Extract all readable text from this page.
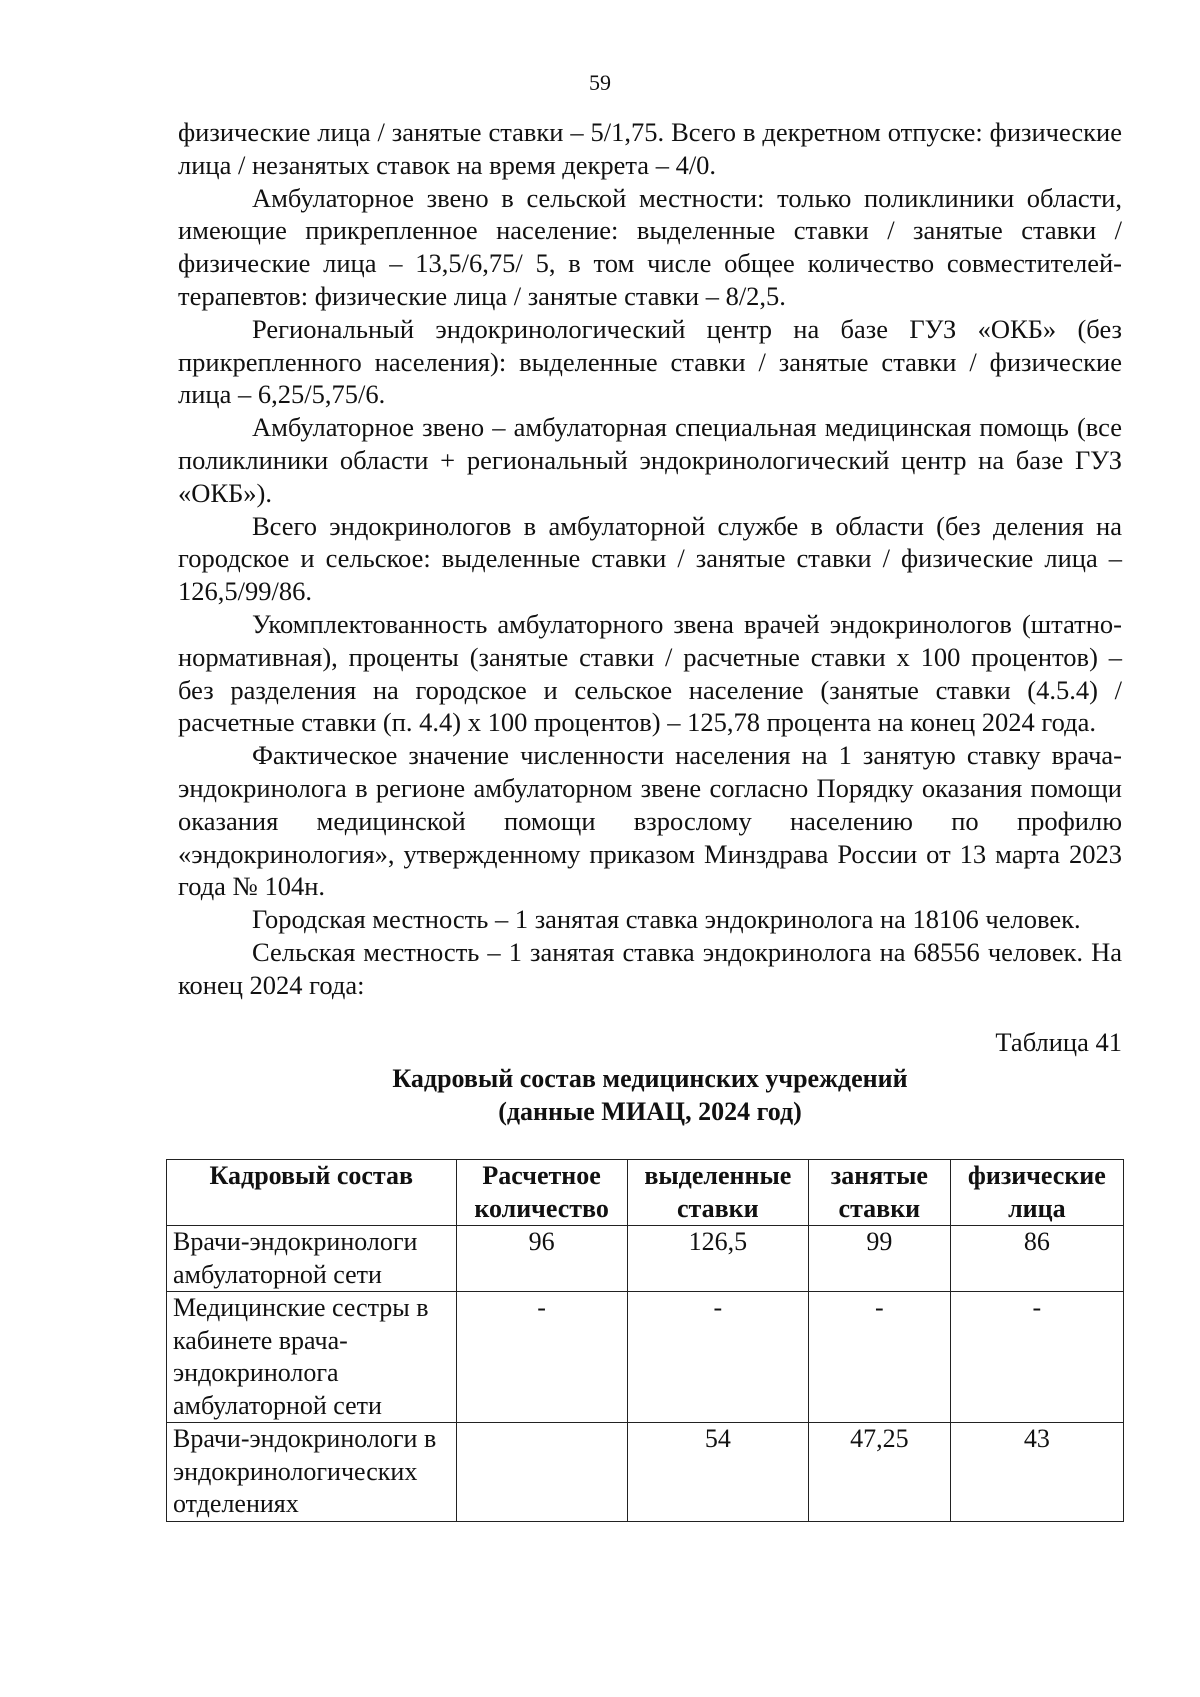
59

физические лица / занятые ставки – 5/1,75. Всего в декретном отпуске: физические лица / незанятых ставок на время декрета – 4/0.

Амбулаторное звено в сельской местности: только поликлиники области, имеющие прикрепленное население: выделенные ставки / занятые ставки / физические лица – 13,5/6,75/ 5, в том числе общее количество совместителей-терапевтов: физические лица / занятые ставки – 8/2,5.

Региональный эндокринологический центр на базе ГУЗ «ОКБ» (без прикрепленного населения): выделенные ставки / занятые ставки / физические лица – 6,25/5,75/6.

Амбулаторное звено – амбулаторная специальная медицинская помощь (все поликлиники области + региональный эндокринологический центр на базе ГУЗ «ОКБ»).

Всего эндокринологов в амбулаторной службе в области (без деления на городское и сельское: выделенные ставки / занятые ставки / физические лица – 126,5/99/86.

Укомплектованность амбулаторного звена врачей эндокринологов (штатно-нормативная), проценты (занятые ставки / расчетные ставки х 100 процентов) – без разделения на городское и сельское население (занятые ставки (4.5.4) / расчетные ставки (п. 4.4) х 100 процентов) – 125,78 процента на конец 2024 года.

Фактическое значение численности населения на 1 занятую ставку врача-эндокринолога в регионе амбулаторном звене согласно Порядку оказания помощи оказания медицинской помощи взрослому населению по профилю «эндокринология», утвержденному приказом Минздрава России от 13 марта 2023 года № 104н.

Городская местность – 1 занятая ставка эндокринолога на 18106 человек.

Сельская местность – 1 занятая ставка эндокринолога на 68556 человек. На конец 2024 года:

Таблица 41
Кадровый состав медицинских учреждений
(данные МИАЦ, 2024 год)
Кадровый состав	Расчетное количество	выделенные ставки	занятые ставки	физические лица
Врачи-эндокринологи амбулаторной сети	96	126,5	99	86
Медицинские сестры в кабинете врача-эндокринолога амбулаторной сети	-	-	-	-
Врачи-эндокринологи в эндокринологических отделениях		54	47,25	43
